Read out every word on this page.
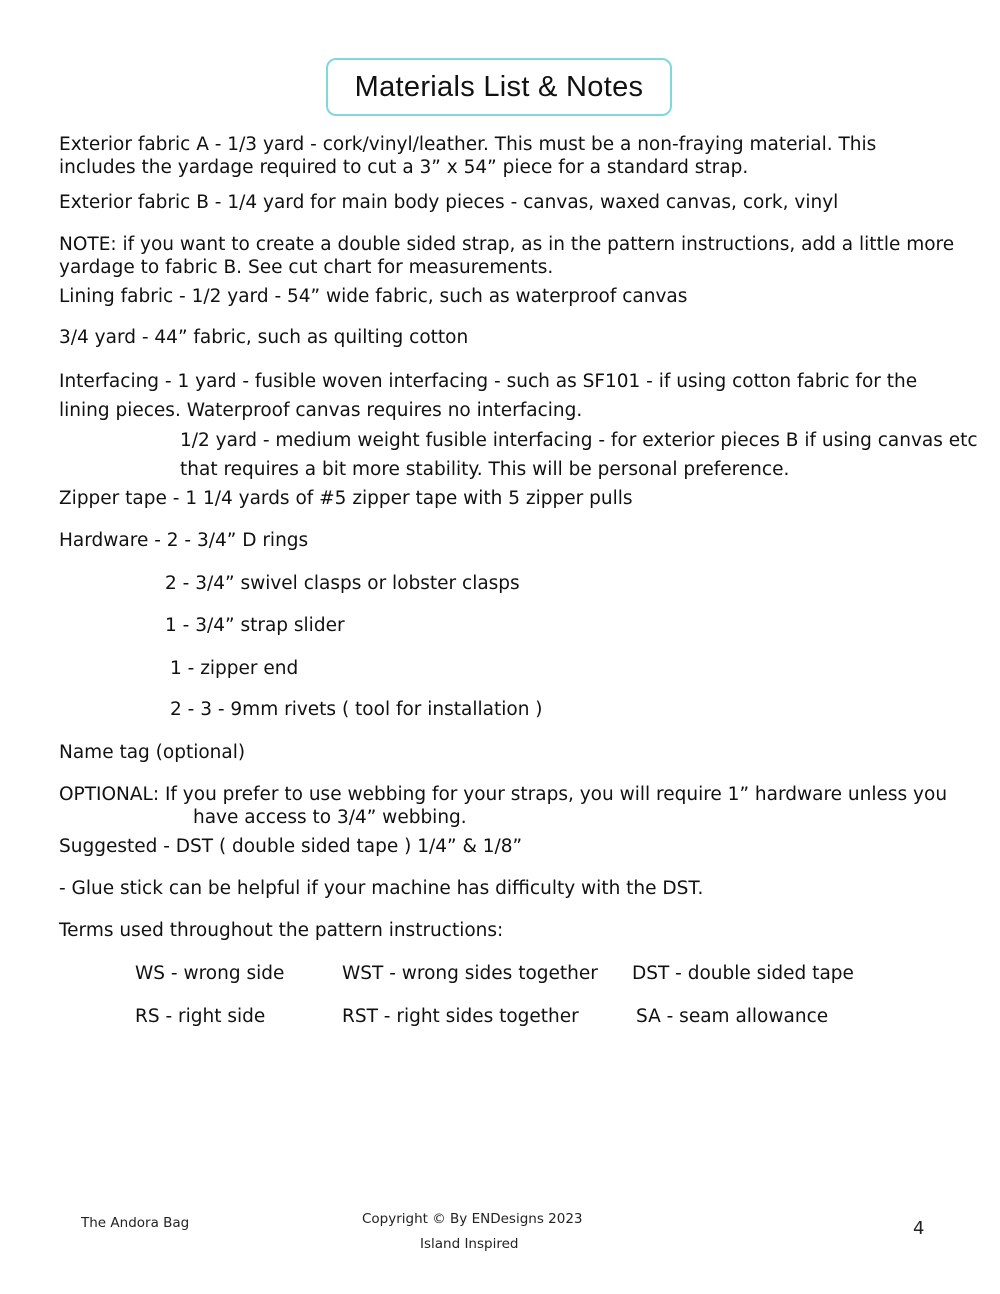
Materials List & Notes
Exterior fabric A - 1/3 yard - cork/vinyl/leather. This must be a non-fraying material. This
includes the yardage required to cut a 3” x 54” piece for a standard strap.
Exterior fabric B - 1/4 yard for main body pieces - canvas, waxed canvas, cork, vinyl
NOTE: if you want to create a double sided strap, as in the pattern instructions, add a little more
yardage to fabric B. See cut chart for measurements.
Lining fabric - 1/2 yard - 54” wide fabric, such as waterproof canvas
3/4 yard - 44” fabric, such as quilting cotton
Interfacing - 1 yard - fusible woven interfacing - such as SF101 - if using cotton fabric for the
lining pieces. Waterproof canvas requires no interfacing.
1/2 yard - medium weight fusible interfacing - for exterior pieces B if using canvas etc
that requires a bit more stability. This will be personal preference.
Zipper tape - 1 1/4 yards of #5 zipper tape with 5 zipper pulls
Hardware - 2 - 3/4” D rings
2 - 3/4” swivel clasps or lobster clasps
1 - 3/4” strap slider
1 - zipper end
2 - 3 - 9mm rivets ( tool for installation )
Name tag (optional)
OPTIONAL: If you prefer to use webbing for your straps, you will require 1” hardware unless you
have access to 3/4” webbing.
Suggested - DST ( double sided tape ) 1/4” & 1/8”
- Glue stick can be helpful if your machine has difficulty with the DST.
Terms used throughout the pattern instructions:
WS - wrong side	WST - wrong sides together DST - double sided tape
RS - right side	RST - right sides together	SA - seam allowance
The Andora Bag	Copyright © By ENDesigns 2023
Island Inspired
4
